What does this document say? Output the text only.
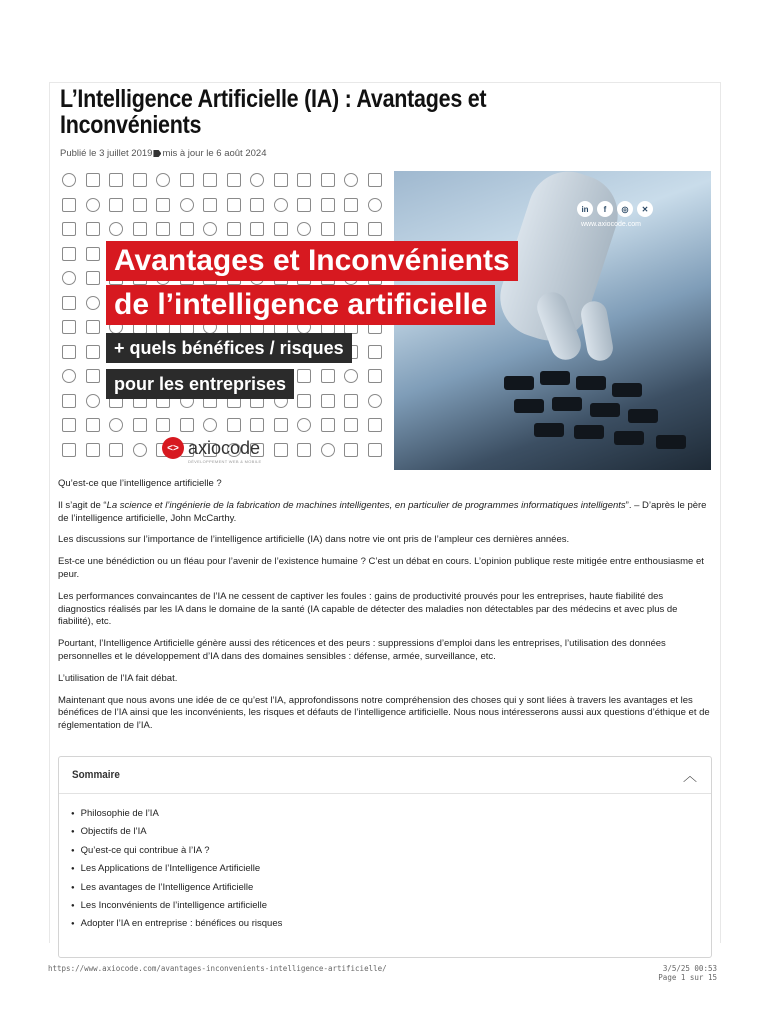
L’Intelligence Artificielle (IA) : Avantages et Inconvénients
Publié le 3 juillet 2019 mis à jour le 6 août 2024
in	f	◎	✕
www.axiocode.com
Avantages et Inconvénients
de l’intelligence artificielle
+ quels bénéfices / risques
pour les entreprises
<> axiocode
DÉVELOPPEMENT WEB & MOBILE

Qu’est-ce que l’intelligence artificielle ?

Il s’agit de “La science et l’ingénierie de la fabrication de machines intelligentes, en particulier de programmes informatiques intelligents”. – D’après le père de l’intelligence artificielle, John McCarthy.

Les discussions sur l’importance de l’intelligence artificielle (IA) dans notre vie ont pris de l’ampleur ces dernières années.

Est-ce une bénédiction ou un fléau pour l’avenir de l’existence humaine ? C’est un débat en cours. L’opinion publique reste mitigée entre enthousiasme et peur.

Les performances convaincantes de l’IA ne cessent de captiver les foules : gains de productivité prouvés pour les entreprises, haute fiabilité des diagnostics réalisés par les IA dans le domaine de la santé (IA capable de détecter des maladies non détectables par des médecins et avec plus de fiabilité), etc.

Pourtant, l’Intelligence Artificielle génère aussi des réticences et des peurs : suppressions d’emploi dans les entreprises, l’utilisation des données personnelles et le développement d’IA dans des domaines sensibles : défense, armée, surveillance, etc.

L’utilisation de l’IA fait débat.

Maintenant que nous avons une idée de ce qu’est l’IA, approfondissons notre compréhension des choses qui y sont liées à travers les avantages et les bénéfices de l’IA ainsi que les inconvénients, les risques et défauts de l’intelligence artificielle. Nous nous intéresserons aussi aux questions d’éthique et de réglementation de l’IA.

Sommaire	︿
● Philosophie de l’IA
● Objectifs de l’IA
● Qu’est-ce qui contribue à l’IA ?
● Les Applications de l’Intelligence Artificielle
● Les avantages de l’Intelligence Artificielle
● Les Inconvénients de l’intelligence artificielle
● Adopter l’IA en entreprise : bénéfices ou risques
https://www.axiocode.com/avantages-inconvenients-intelligence-artificielle/	3/5/25 00:53
Page 1 sur 15
